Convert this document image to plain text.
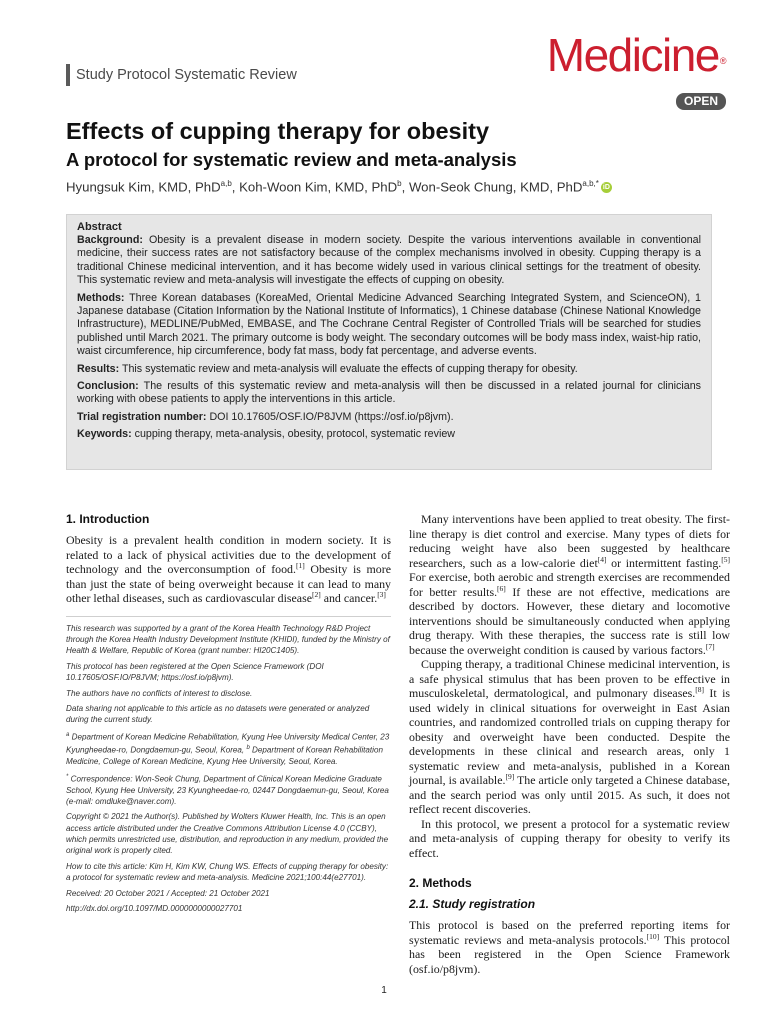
Study Protocol Systematic Review	Medicine®
OPEN
Effects of cupping therapy for obesity
A protocol for systematic review and meta-analysis
Hyungsuk Kim, KMD, PhD$^{a,b}$, Koh-Woon Kim, KMD, PhD$^b$, Won-Seok Chung, KMD, PhD$^{a,b,*}$ iD

Abstract

Background: Obesity is a prevalent disease in modern society. Despite the various interventions available in conventional medicine, their success rates are not satisfactory because of the complex mechanisms involved in obesity. Cupping therapy is a traditional Chinese medicinal intervention, and it has become widely used in various clinical settings for the treatment of obesity. This systematic review and meta-analysis will investigate the effects of cupping on obesity.

Methods: Three Korean databases (KoreaMed, Oriental Medicine Advanced Searching Integrated System, and ScienceON), 1 Japanese database (Citation Information by the National Institute of Informatics), 1 Chinese database (Chinese National Knowledge Infrastructure), MEDLINE/PubMed, EMBASE, and The Cochrane Central Register of Controlled Trials will be searched for studies published until March 2021. The primary outcome is body weight. The secondary outcomes will be body mass index, waist-hip ratio, waist circumference, hip circumference, body fat mass, body fat percentage, and adverse events.

Results: This systematic review and meta-analysis will evaluate the effects of cupping therapy for obesity.

Conclusion: The results of this systematic review and meta-analysis will then be discussed in a related journal for clinicians working with obese patients to apply the interventions in this article.

Trial registration number: DOI 10.17605/OSF.IO/P8JVM (https://osf.io/p8jvm).

Keywords: cupping therapy, meta-analysis, obesity, protocol, systematic review

1. Introduction

Obesity is a prevalent health condition in modern society. It is related to a lack of physical activities due to the development of technology and the overconsumption of food.[1] Obesity is more than just the state of being overweight because it can lead to many other lethal diseases, such as cardiovascular disease[2] and cancer.[3]

This research was supported by a grant of the Korea Health Technology R&D Project through the Korea Health Industry Development Institute (KHIDI), funded by the Ministry of Health & Welfare, Republic of Korea (grant number: HI20C1405).

This protocol has been registered at the Open Science Framework (DOI 10.17605/OSF.IO/P8JVM; https://osf.io/p8jvm).

The authors have no conflicts of interest to disclose.

Data sharing not applicable to this article as no datasets were generated or analyzed during the current study.

$^a$ Department of Korean Medicine Rehabilitation, Kyung Hee University Medical Center, 23 Kyungheedae-ro, Dongdaemun-gu, Seoul, Korea, $^b$ Department of Korean Rehabilitation Medicine, College of Korean Medicine, Kyung Hee University, Seoul, Korea.

* Correspondence: Won-Seok Chung, Department of Clinical Korean Medicine Graduate School, Kyung Hee University, 23 Kyungheedae-ro, 02447 Dongdaemun-gu, Seoul, Korea (e-mail: omdluke@naver.com).

Copyright © 2021 the Author(s). Published by Wolters Kluwer Health, Inc. This is an open access article distributed under the Creative Commons Attribution License 4.0 (CCBY), which permits unrestricted use, distribution, and reproduction in any medium, provided the original work is properly cited.

How to cite this article: Kim H, Kim KW, Chung WS. Effects of cupping therapy for obesity: a protocol for systematic review and meta-analysis. Medicine 2021;100:44(e27701).

Received: 20 October 2021 / Accepted: 21 October 2021

http://dx.doi.org/10.1097/MD.0000000000027701

Many interventions have been applied to treat obesity. The first-line therapy is diet control and exercise. Many types of diets for reducing weight have also been suggested by healthcare researchers, such as a low-calorie diet[4] or intermittent fasting.[5] For exercise, both aerobic and strength exercises are recommended for better results.[6] If these are not effective, medications are described by doctors. However, these dietary and locomotive interventions should be simultaneously conducted when applying drug therapy. With these therapies, the success rate is still low because the overweight condition is caused by various factors.[7]

Cupping therapy, a traditional Chinese medicinal intervention, is a safe physical stimulus that has been proven to be effective in musculoskeletal, dermatological, and pulmonary diseases.[8] It is used widely in clinical situations for overweight in East Asian countries, and randomized controlled trials on cupping therapy for obesity and overweight have been conducted. Despite the developments in these clinical and research areas, only 1 systematic review and meta-analysis, published in a Korean journal, is available.[9] The article only targeted a Chinese database, and the search period was only until 2015. As such, it does not reflect recent discoveries.

In this protocol, we present a protocol for a systematic review and meta-analysis of cupping therapy for obesity to verify its effect.

2. Methods
2.1. Study registration

This protocol is based on the preferred reporting items for systematic reviews and meta-analysis protocols.[10] This protocol has been registered in the Open Science Framework (osf.io/p8jvm).

1
